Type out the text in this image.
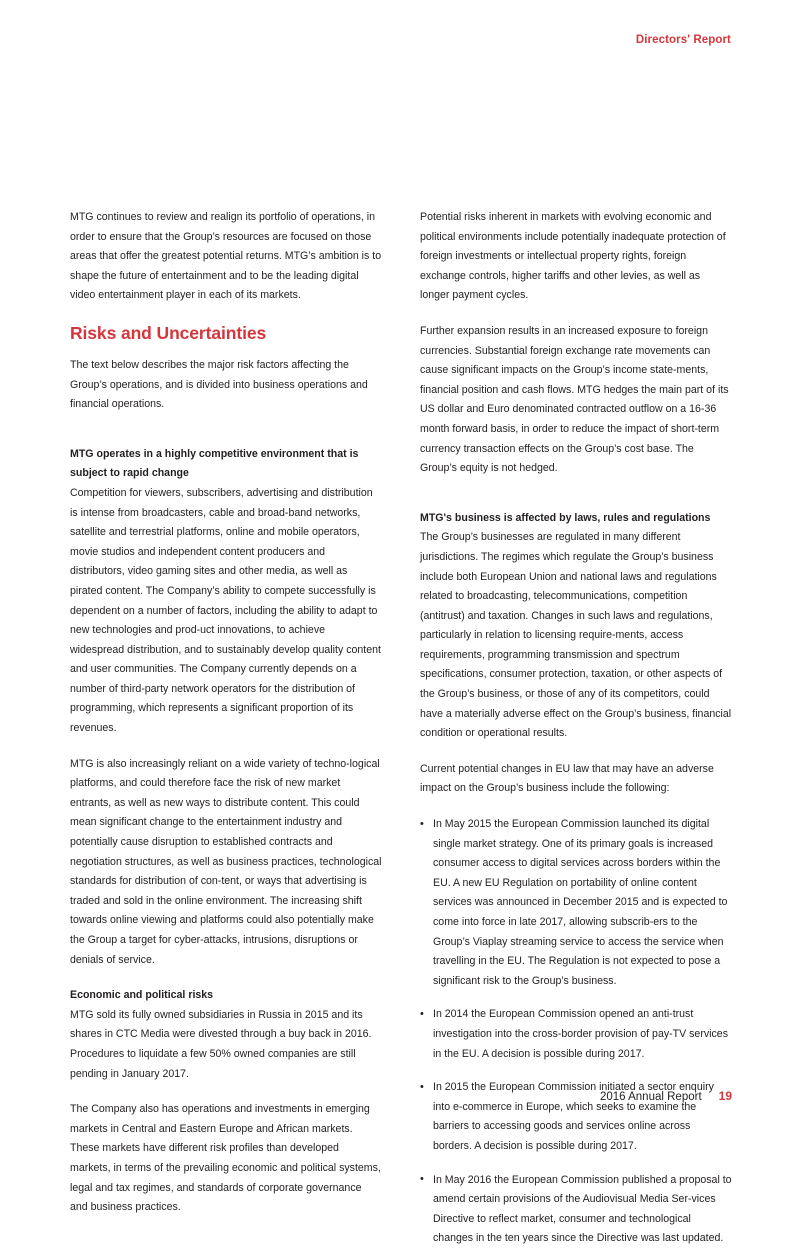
Directors' Report

MTG continues to review and realign its portfolio of operations, in order to ensure that the Group’s resources are focused on those areas that offer the greatest potential returns. MTG’s ambition is to shape the future of entertainment and to be the leading digital video entertainment player in each of its markets.

Risks and Uncertainties

The text below describes the major risk factors affecting the Group’s operations, and is divided into business operations and financial operations.

MTG operates in a highly competitive environment that is subject to rapid change

Competition for viewers, subscribers, advertising and distribution is intense from broadcasters, cable and broad-band networks, satellite and terrestrial platforms, online and mobile operators, movie studios and independent content producers and distributors, video gaming sites and other media, as well as pirated content. The Company’s ability to compete successfully is dependent on a number of factors, including the ability to adapt to new technologies and prod-uct innovations, to achieve widespread distribution, and to sustainably develop quality content and user communities. The Company currently depends on a number of third-party network operators for the distribution of programming, which represents a significant proportion of its revenues.

MTG is also increasingly reliant on a wide variety of techno-logical platforms, and could therefore face the risk of new market entrants, as well as new ways to distribute content. This could mean significant change to the entertainment industry and potentially cause disruption to established contracts and negotiation structures, as well as business practices, technological standards for distribution of con-tent, or ways that advertising is traded and sold in the online environment. The increasing shift towards online viewing and platforms could also potentially make the Group a target for cyber-attacks, intrusions, disruptions or denials of service.

Economic and political risks

MTG sold its fully owned subsidiaries in Russia in 2015 and its shares in CTC Media were divested through a buy back in 2016. Procedures to liquidate a few 50% owned companies are still pending in January 2017.

The Company also has operations and investments in emerging markets in Central and Eastern Europe and African markets. These markets have different risk profiles than developed markets, in terms of the prevailing economic and political systems, legal and tax regimes, and standards of corporate governance and business practices.

Potential risks inherent in markets with evolving economic and political environments include potentially inadequate protection of foreign investments or intellectual property rights, foreign exchange controls, higher tariffs and other levies, as well as longer payment cycles.

Further expansion results in an increased exposure to foreign currencies. Substantial foreign exchange rate movements can cause significant impacts on the Group’s income state-ments, financial position and cash flows. MTG hedges the main part of its US dollar and Euro denominated contracted outflow on a 16-36 month forward basis, in order to reduce the impact of short-term currency transaction effects on the Group’s cost base. The Group’s equity is not hedged.

MTG's business is affected by laws, rules and regulations

The Group’s businesses are regulated in many different jurisdictions. The regimes which regulate the Group’s business include both European Union and national laws and regulations related to broadcasting, telecommunications, competition (antitrust) and taxation. Changes in such laws and regulations, particularly in relation to licensing require-ments, access requirements, programming transmission and spectrum specifications, consumer protection, taxation, or other aspects of the Group’s business, or those of any of its competitors, could have a materially adverse effect on the Group’s business, financial condition or operational results.

Current potential changes in EU law that may have an adverse impact on the Group’s business include the following:

• In May 2015 the European Commission launched its digital single market strategy. One of its primary goals is increased consumer access to digital services across borders within the EU. A new EU Regulation on portability of online content services was announced in December 2015 and is expected to come into force in late 2017, allowing subscrib-ers to the Group’s Viaplay streaming service to access the service when travelling in the EU. The Regulation is not expected to pose a significant risk to the Group’s business.
• In 2014 the European Commission opened an anti-trust investigation into the cross-border provision of pay-TV services in the EU. A decision is possible during 2017.
• In 2015 the European Commission initiated a sector enquiry into e-commerce in Europe, which seeks to examine the barriers to accessing goods and services online across borders. A decision is possible during 2017.
• In May 2016 the European Commission published a proposal to amend certain provisions of the Audiovisual Media Ser-vices Directive to reflect market, consumer and technological changes in the ten years since the Directive was last updated.
2016 Annual Report 19
